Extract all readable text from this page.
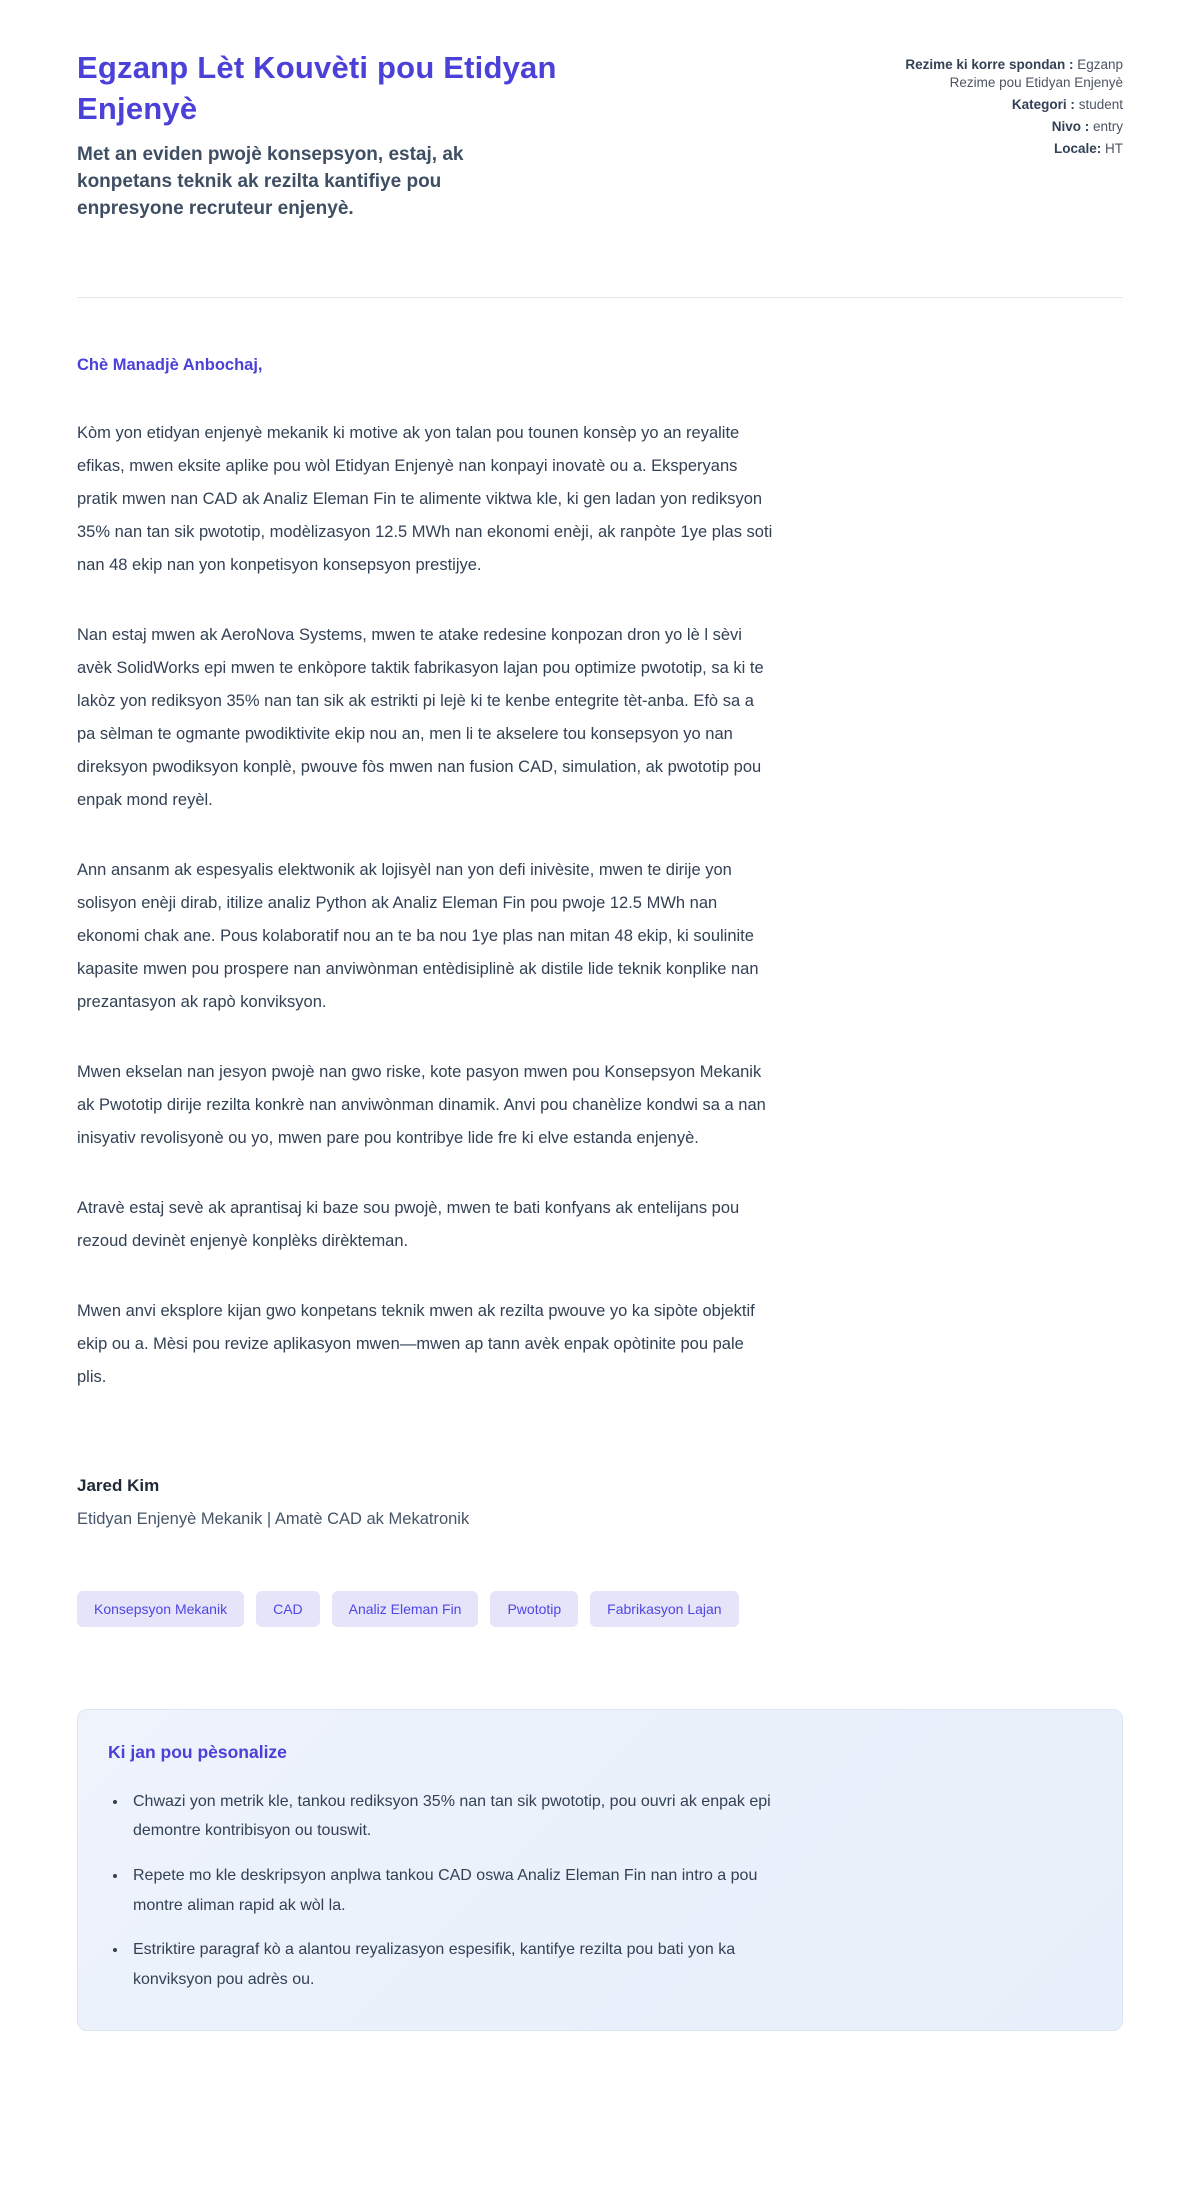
Egzanp Lèt Kouvèti pou Etidyan Enjenyè

Met an eviden pwojè konsepsyon, estaj, ak konpetans teknik ak rezilta kantifiye pou enpresyone recruteur enjenyè.

Rezime ki korre spondan : Egzanp Rezime pou Etidyan Enjenyè
Kategori : student
Nivo : entry
Locale: HT

Chè Manadjè Anbochaj,

Kòm yon etidyan enjenyè mekanik ki motive ak yon talan pou tounen konsèp yo an reyalite efikas, mwen eksite aplike pou wòl Etidyan Enjenyè nan konpayi inovatè ou a. Eksperyans pratik mwen nan CAD ak Analiz Eleman Fin te alimente viktwa kle, ki gen ladan yon rediksyon 35% nan tan sik pwototip, modèlizasyon 12.5 MWh nan ekonomi enèji, ak ranpòte 1ye plas soti nan 48 ekip nan yon konpetisyon konsepsyon prestijye.

Nan estaj mwen ak AeroNova Systems, mwen te atake redesine konpozan dron yo lè l sèvi avèk SolidWorks epi mwen te enkòpore taktik fabrikasyon lajan pou optimize pwototip, sa ki te lakòz yon rediksyon 35% nan tan sik ak estrikti pi lejè ki te kenbe entegrite tèt-anba. Efò sa a pa sèlman te ogmante pwodiktivite ekip nou an, men li te akselere tou konsepsyon yo nan direksyon pwodiksyon konplè, pwouve fòs mwen nan fusion CAD, simulation, ak pwototip pou enpak mond reyèl.

Ann ansanm ak espesyalis elektwonik ak lojisyèl nan yon defi inivèsite, mwen te dirije yon solisyon enèji dirab, itilize analiz Python ak Analiz Eleman Fin pou pwoje 12.5 MWh nan ekonomi chak ane. Pous kolaboratif nou an te ba nou 1ye plas nan mitan 48 ekip, ki soulinite kapasite mwen pou prospere nan anviwònman entèdisiplinè ak distile lide teknik konplike nan prezantasyon ak rapò konviksyon.

Mwen ekselan nan jesyon pwojè nan gwo riske, kote pasyon mwen pou Konsepsyon Mekanik ak Pwototip dirije rezilta konkrè nan anviwònman dinamik. Anvi pou chanèlize kondwi sa a nan inisyativ revolisyonè ou yo, mwen pare pou kontribye lide fre ki elve estanda enjenyè.

Atravè estaj sevè ak aprantisaj ki baze sou pwojè, mwen te bati konfyans ak entelijans pou rezoud devinèt enjenyè konplèks dirèkteman.

Mwen anvi eksplore kijan gwo konpetans teknik mwen ak rezilta pwouve yo ka sipòte objektif ekip ou a. Mèsi pou revize aplikasyon mwen—mwen ap tann avèk enpak opòtinite pou pale plis.

Jared Kim

Etidyan Enjenyè Mekanik | Amatè CAD ak Mekatronik

Konsepsyon Mekanik	CAD	Analiz Eleman Fin	Pwototip	Fabrikasyon Lajan
Ki jan pou pèsonalize
• Chwazi yon metrik kle, tankou rediksyon 35% nan tan sik pwototip, pou ouvri ak enpak epi demontre kontribisyon ou touswit.
• Repete mo kle deskripsyon anplwa tankou CAD oswa Analiz Eleman Fin nan intro a pou montre aliman rapid ak wòl la.
• Estriktire paragraf kò a alantou reyalizasyon espesifik, kantifye rezilta pou bati yon ka konviksyon pou adrès ou.
